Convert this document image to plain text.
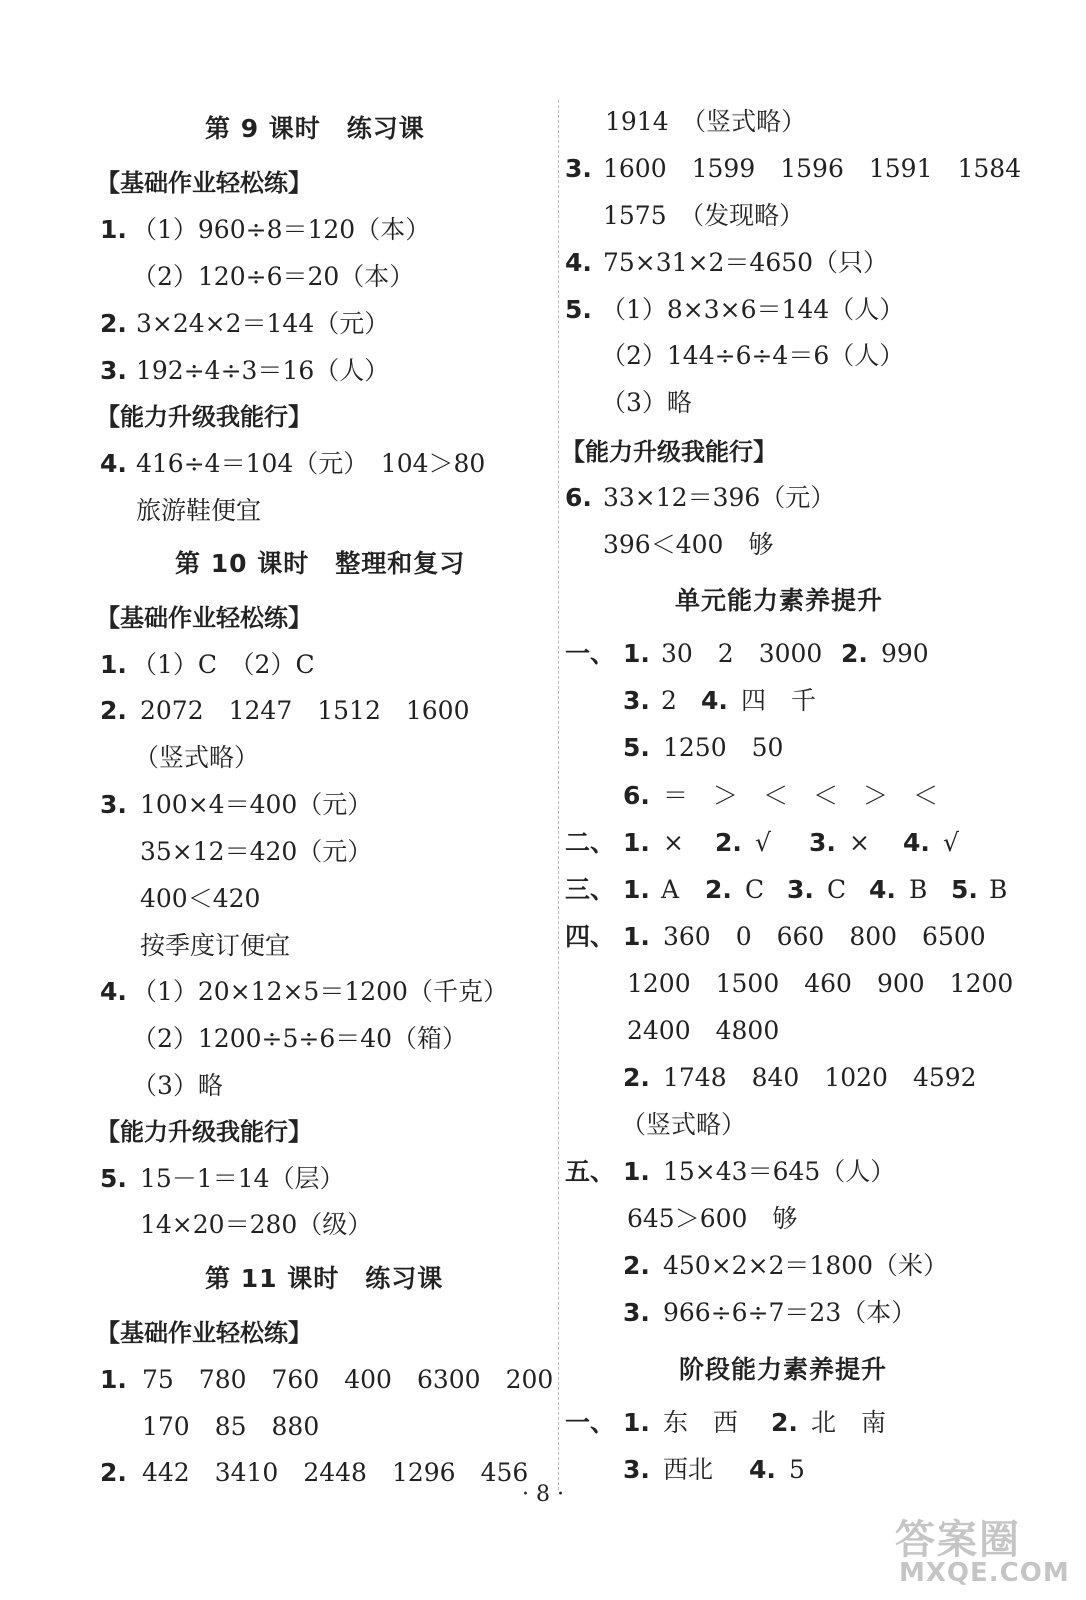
第 9 课时　练习课
【基础作业轻松练】
1. （1）960÷8＝120（本）
（2）120÷6＝20（本）
2. 3×24×2＝144（元）
3. 192÷4÷3＝16（人）
【能力升级我能行】
4. 416÷4＝104（元）　104＞80
旅游鞋便宜
第 10 课时　整理和复习
【基础作业轻松练】
1. （1）C　（2）C
2. 2072　1247　1512　1600
（竖式略）
3. 100×4＝400（元）
35×12＝420（元）
400＜420
按季度订便宜
4. （1）20×12×5＝1200（千克）
（2）1200÷5÷6＝40（箱）
（3）略
【能力升级我能行】
5. 15－1＝14（层）
14×20＝280（级）
第 11 课时　练习课
【基础作业轻松练】
1. 75　780　760　400　6300　200
170　85　880
2. 442　3410　2448　1296　456
1914　（竖式略）
3. 1600　1599　1596　1591　1584
1575　（发现略）
4. 75×31×2＝4650（只）
5. （1）8×3×6＝144（人）
（2）144÷6÷4＝6（人）
（3）略
【能力升级我能行】
6. 33×12＝396（元）
396＜400　够
单元能力素养提升
一、 1. 30　2　3000 2. 990
3. 2 4. 四　千
5. 1250　50
6. ＝　＞　＜　＜　＞　＜
二、 1. × 2. √ 3. × 4. √
三、 1. A 2. C 3. C 4. B 5. B
四、 1. 360　0　660　800　6500
1200　1500　460　900　1200
2400　4800
2. 1748　840　1020　4592
（竖式略）
五、 1. 15×43＝645（人）
645＞600　够
2. 450×2×2＝1800（米）
3. 966÷6÷7＝23（本）
阶段能力素养提升
一、 1. 东　西 2. 北　南
3. 西北 4. 5
· 8 ·
答案圈
MXQE.COM
